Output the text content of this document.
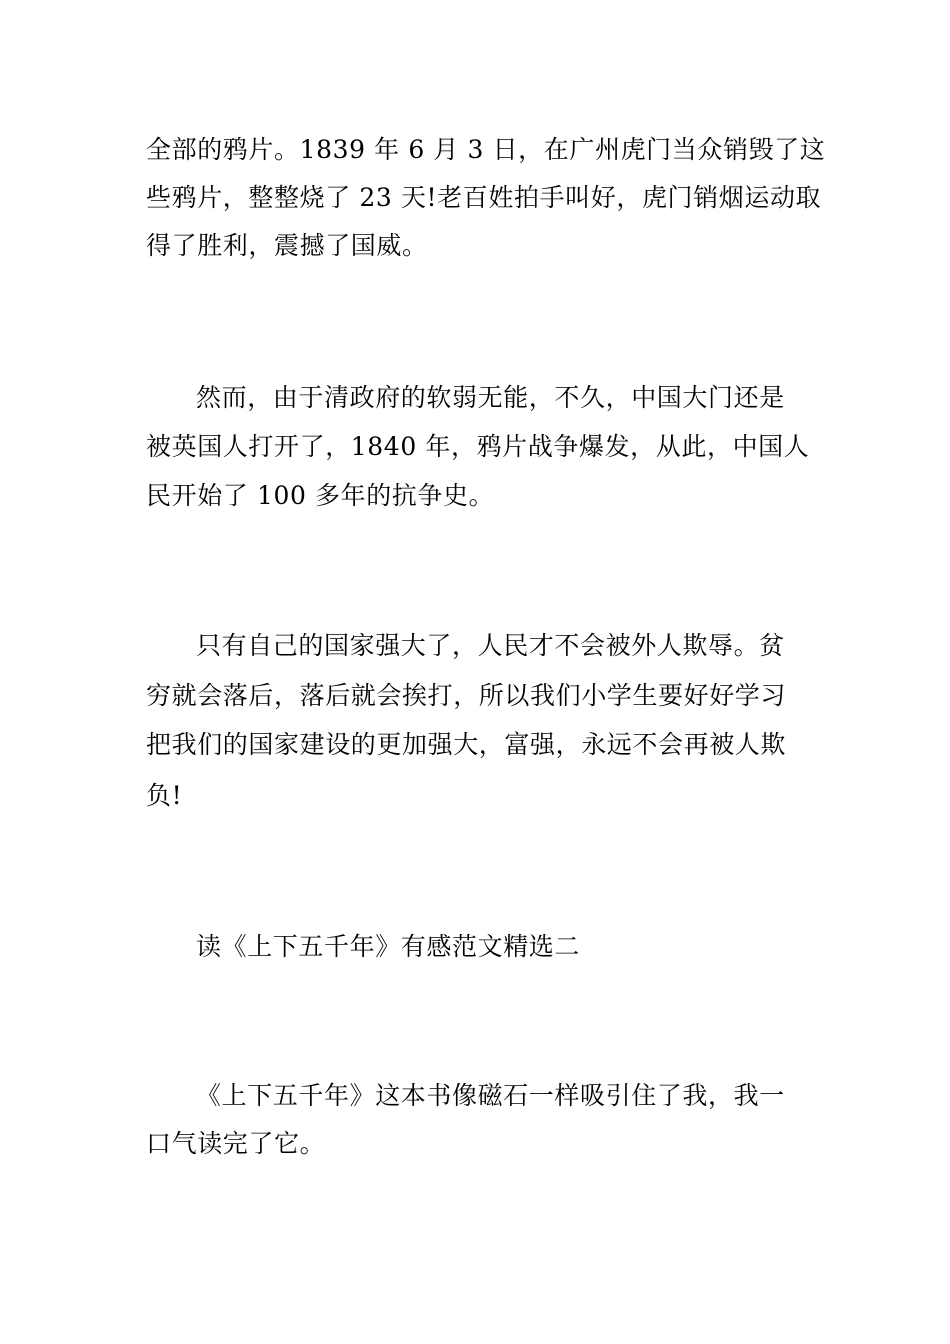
全部的鸦片。1839 年 6 月 3 日，在广州虎门当众销毁了这
些鸦片，整整烧了 23 天!老百姓拍手叫好，虎门销烟运动取
得了胜利，震撼了国威。
然而，由于清政府的软弱无能，不久，中国大门还是
被英国人打开了，1840 年，鸦片战争爆发，从此，中国人
民开始了 100 多年的抗争史。
只有自己的国家强大了，人民才不会被外人欺辱。贫
穷就会落后，落后就会挨打，所以我们小学生要好好学习
把我们的国家建设的更加强大，富强，永远不会再被人欺
负!
读《上下五千年》有感范文精选二
《上下五千年》这本书像磁石一样吸引住了我，我一
口气读完了它。
